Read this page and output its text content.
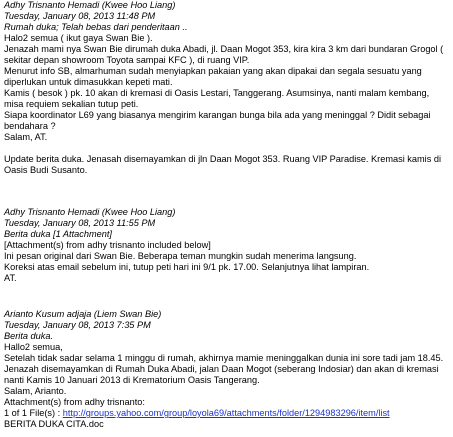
Adhy Trisnanto Hemadi (Kwee Hoo Liang)
Tuesday, January 08, 2013 11:48 PM
Rumah duka; Telah bebas dari penderitaan ..
Halo2 semua ( ikut gaya Swan Bie ).
Jenazah mami nya Swan Bie dirumah duka Abadi, jl. Daan Mogot 353, kira kira 3 km dari bundaran Grogol ( sekitar depan showroom Toyota sampai KFC ), di ruang VIP.
Menurut info SB, almarhuman sudah menyiapkan pakaian yang akan dipakai dan segala sesuatu yang diperlukan untuk dimasukkan kepeti mati.
Kamis ( besok ) pk. 10 akan di kremasi di Oasis Lestari, Tanggerang. Asumsinya, nanti malam kembang, misa requiem sekalian tutup peti.
Siapa koordinator L69 yang biasanya mengirim karangan bunga bila ada yang meninggal ? Didit sebagai bendahara ?
Salam, AT.
Update berita duka. Jenasah disemayamkan di jln Daan Mogot 353. Ruang VIP Paradise. Kremasi kamis di Oasis Budi Susanto.
Adhy Trisnanto Hemadi (Kwee Hoo Liang)
Tuesday, January 08, 2013 11:55 PM
Berita duka [1 Attachment]
[Attachment(s) from adhy trisnanto included below]
Ini pesan original dari Swan Bie. Beberapa teman mungkin sudah menerima langsung.
Koreksi atas email sebelum ini, tutup peti hari ini 9/1 pk. 17.00. Selanjutnya lihat lampiran.
AT.
Arianto Kusum adjaja (Liem Swan Bie)
Tuesday, January 08, 2013 7:35 PM
Berita duka.
Hallo2 semua,
Setelah tidak sadar selama 1 minggu di rumah, akhirnya mamie meninggalkan dunia ini sore tadi jam 18.45. Jenazah disemayamkan di Rumah Duka Abadi, jalan Daan Mogot (seberang Indosiar) dan akan di kremasi nanti Kamis 10 Januari 2013 di Krematorium Oasis Tangerang.
Salam, Arianto.
Attachment(s) from adhy trisnanto:
1 of 1 File(s) : http://groups.yahoo.com/group/loyola69/attachments/folder/1294983296/item/list
BERITA DUKA CITA.doc
